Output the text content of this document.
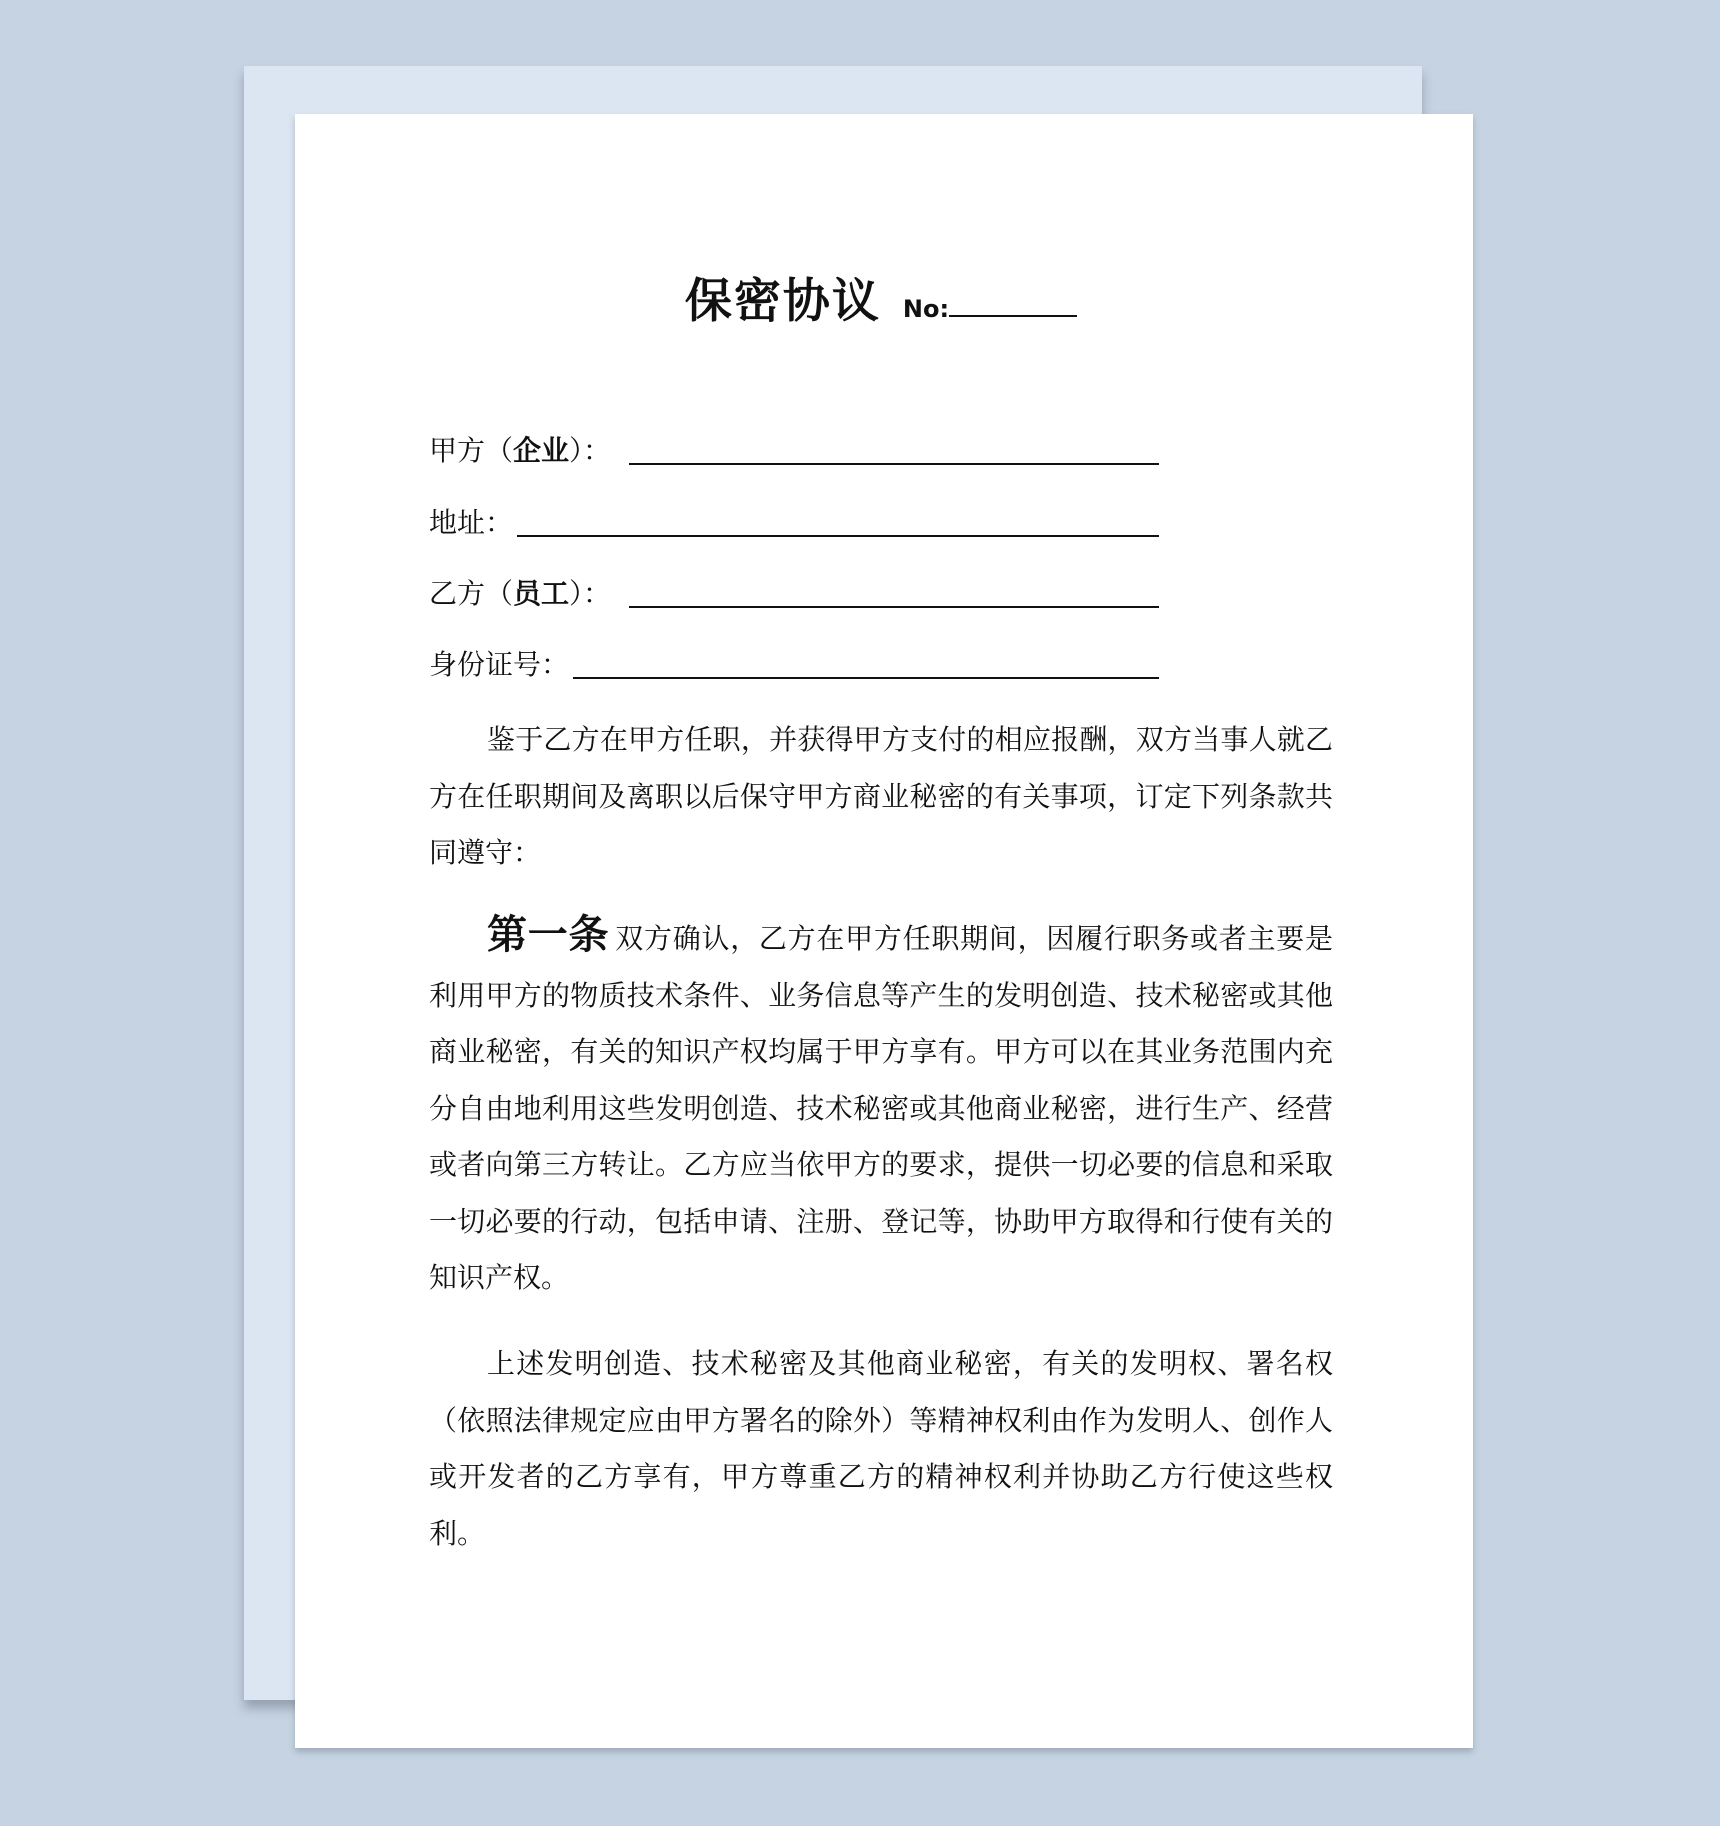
保密协议 No:
甲方（ 企业 ）：
地址：
乙方（ 员工 ）：
身份证号：

鉴于乙方在甲方任职，并获得甲方支付的相应报酬，双方当事人就乙方在任职期间及离职以后保守甲方商业秘密的有关事项，订定下列条款共同遵守：

第一条 双方确认，乙方在甲方任职期间，因履行职务或者主要是利用甲方的物质技术条件、业务信息等产生的发明创造、技术秘密或其他商业秘密，有关的知识产权均属于甲方享有。甲方可以在其业务范围内充分自由地利用这些发明创造、技术秘密或其他商业秘密，进行生产、经营或者向第三方转让。乙方应当依甲方的要求，提供一切必要的信息和采取一切必要的行动，包括申请、注册、登记等，协助甲方取得和行使有关的知识产权。

上述发明创造、技术秘密及其他商业秘密，有关的发明权、署名权（依照法律规定应由甲方署名的除外）等精神权利由作为发明人、创作人或开发者的乙方享有，甲方尊重乙方的精神权利并协助乙方行使这些权利。
